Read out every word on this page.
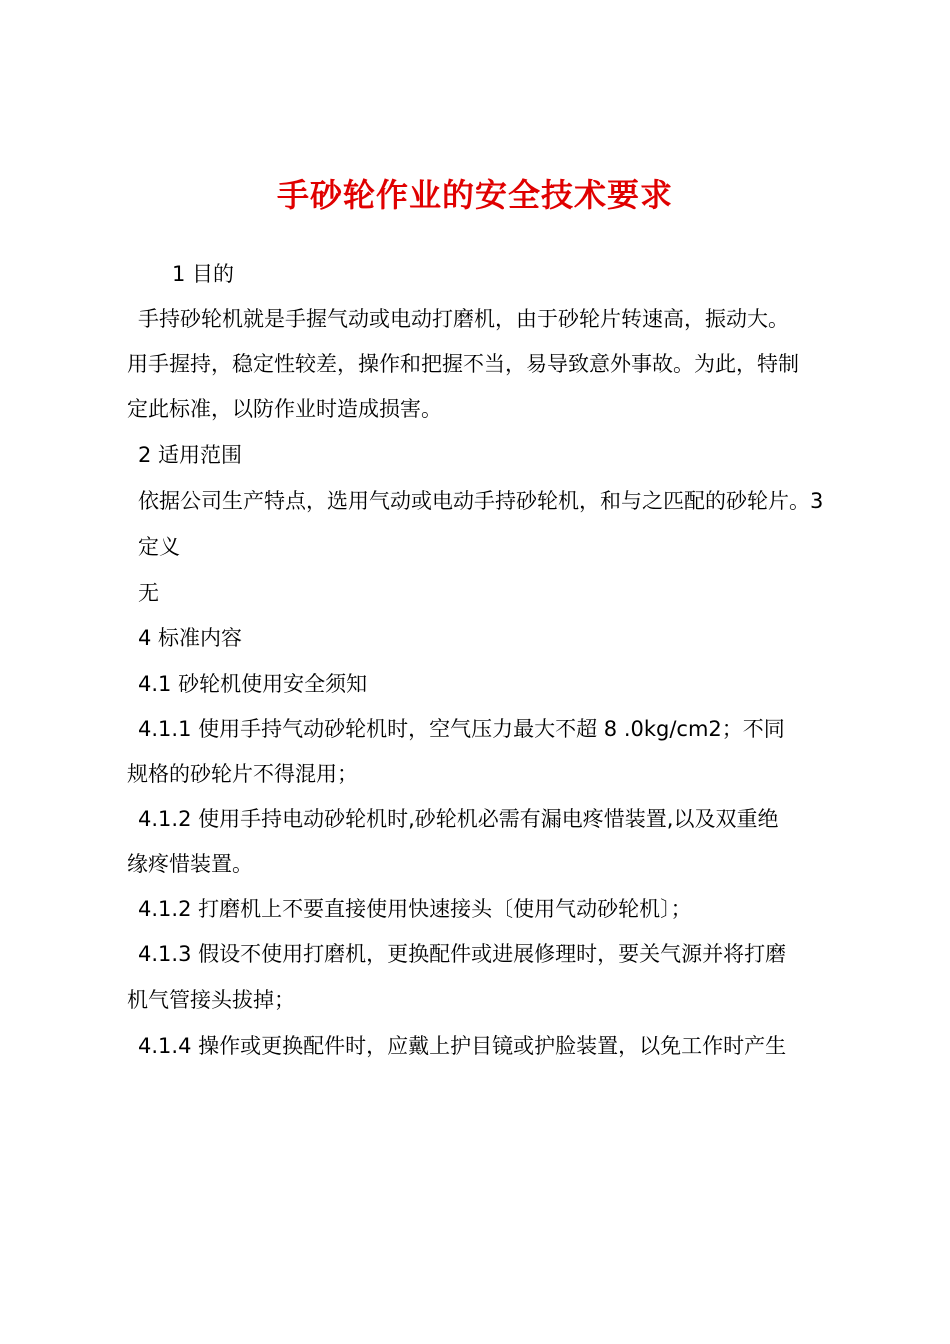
手砂轮作业的安全技术要求
1 目的
手持砂轮机就是手握气动或电动打磨机，由于砂轮片转速高，振动大。
用手握持，稳定性较差，操作和把握不当，易导致意外事故。为此，特制
定此标准，以防作业时造成损害。
2 适用范围
依据公司生产特点，选用气动或电动手持砂轮机，和与之匹配的砂轮片。3
定义
无
4 标准内容
4.1 砂轮机使用安全须知
4.1.1 使用手持气动砂轮机时，空气压力最大不超 8 .0kg/cm2；不同
规格的砂轮片不得混用；
4.1.2 使用手持电动砂轮机时,砂轮机必需有漏电疼惜装置,以及双重绝
缘疼惜装置。
4.1.2 打磨机上不要直接使用快速接头〔使用气动砂轮机〕；
4.1.3 假设不使用打磨机，更换配件或进展修理时，要关气源并将打磨
机气管接头拔掉；
4.1.4 操作或更换配件时，应戴上护目镜或护脸装置，以免工作时产生
